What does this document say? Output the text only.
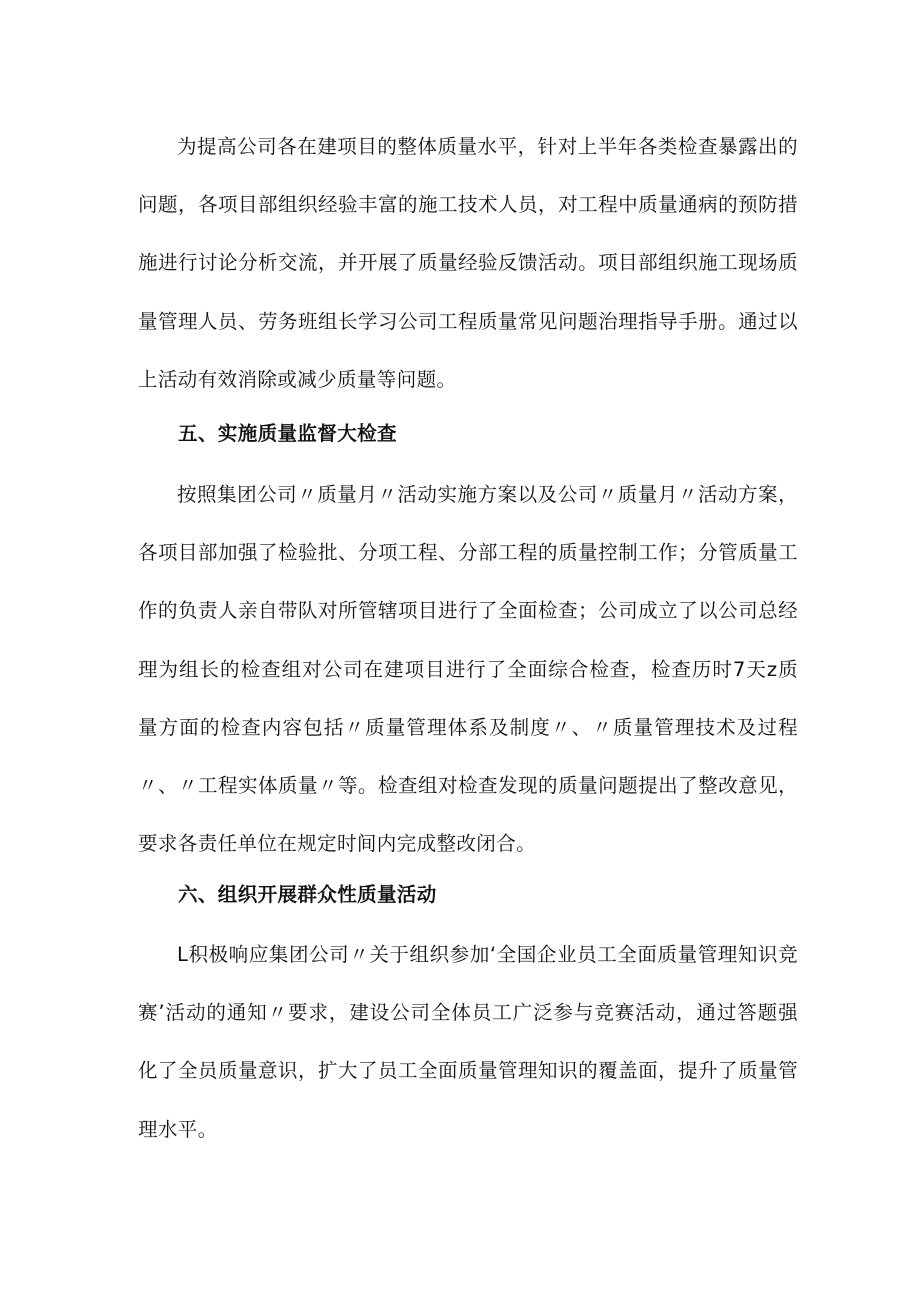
为提高公司各在建项目的整体质量水平，针对上半年各类检查暴露出的问题，各项目部组织经验丰富的施工技术人员，对工程中质量通病的预防措施进行讨论分析交流，并开展了质量经验反馈活动。项目部组织施工现场质量管理人员、劳务班组长学习公司工程质量常见问题治理指导手册。通过以上活动有效消除或减少质量等问题。

五、实施质量监督大检查

按照集团公司〃质量月〃活动实施方案以及公司〃质量月〃活动方案，各项目部加强了检验批、分项工程、分部工程的质量控制工作；分管质量工作的负责人亲自带队对所管辖项目进行了全面检查；公司成立了以公司总经理为组长的检查组对公司在建项目进行了全面综合检查，检查历时7天z质量方面的检查内容包括〃质量管理体系及制度〃、〃质量管理技术及过程〃、〃工程实体质量〃等。检查组对检查发现的质量问题提出了整改意见，要求各责任单位在规定时间内完成整改闭合。

六、组织开展群众性质量活动

L积极响应集团公司〃关于组织参加‘全国企业员工全面质量管理知识竞赛’活动的通知〃要求，建设公司全体员工广泛参与竞赛活动，通过答题强化了全员质量意识，扩大了员工全面质量管理知识的覆盖面，提升了质量管理水平。
